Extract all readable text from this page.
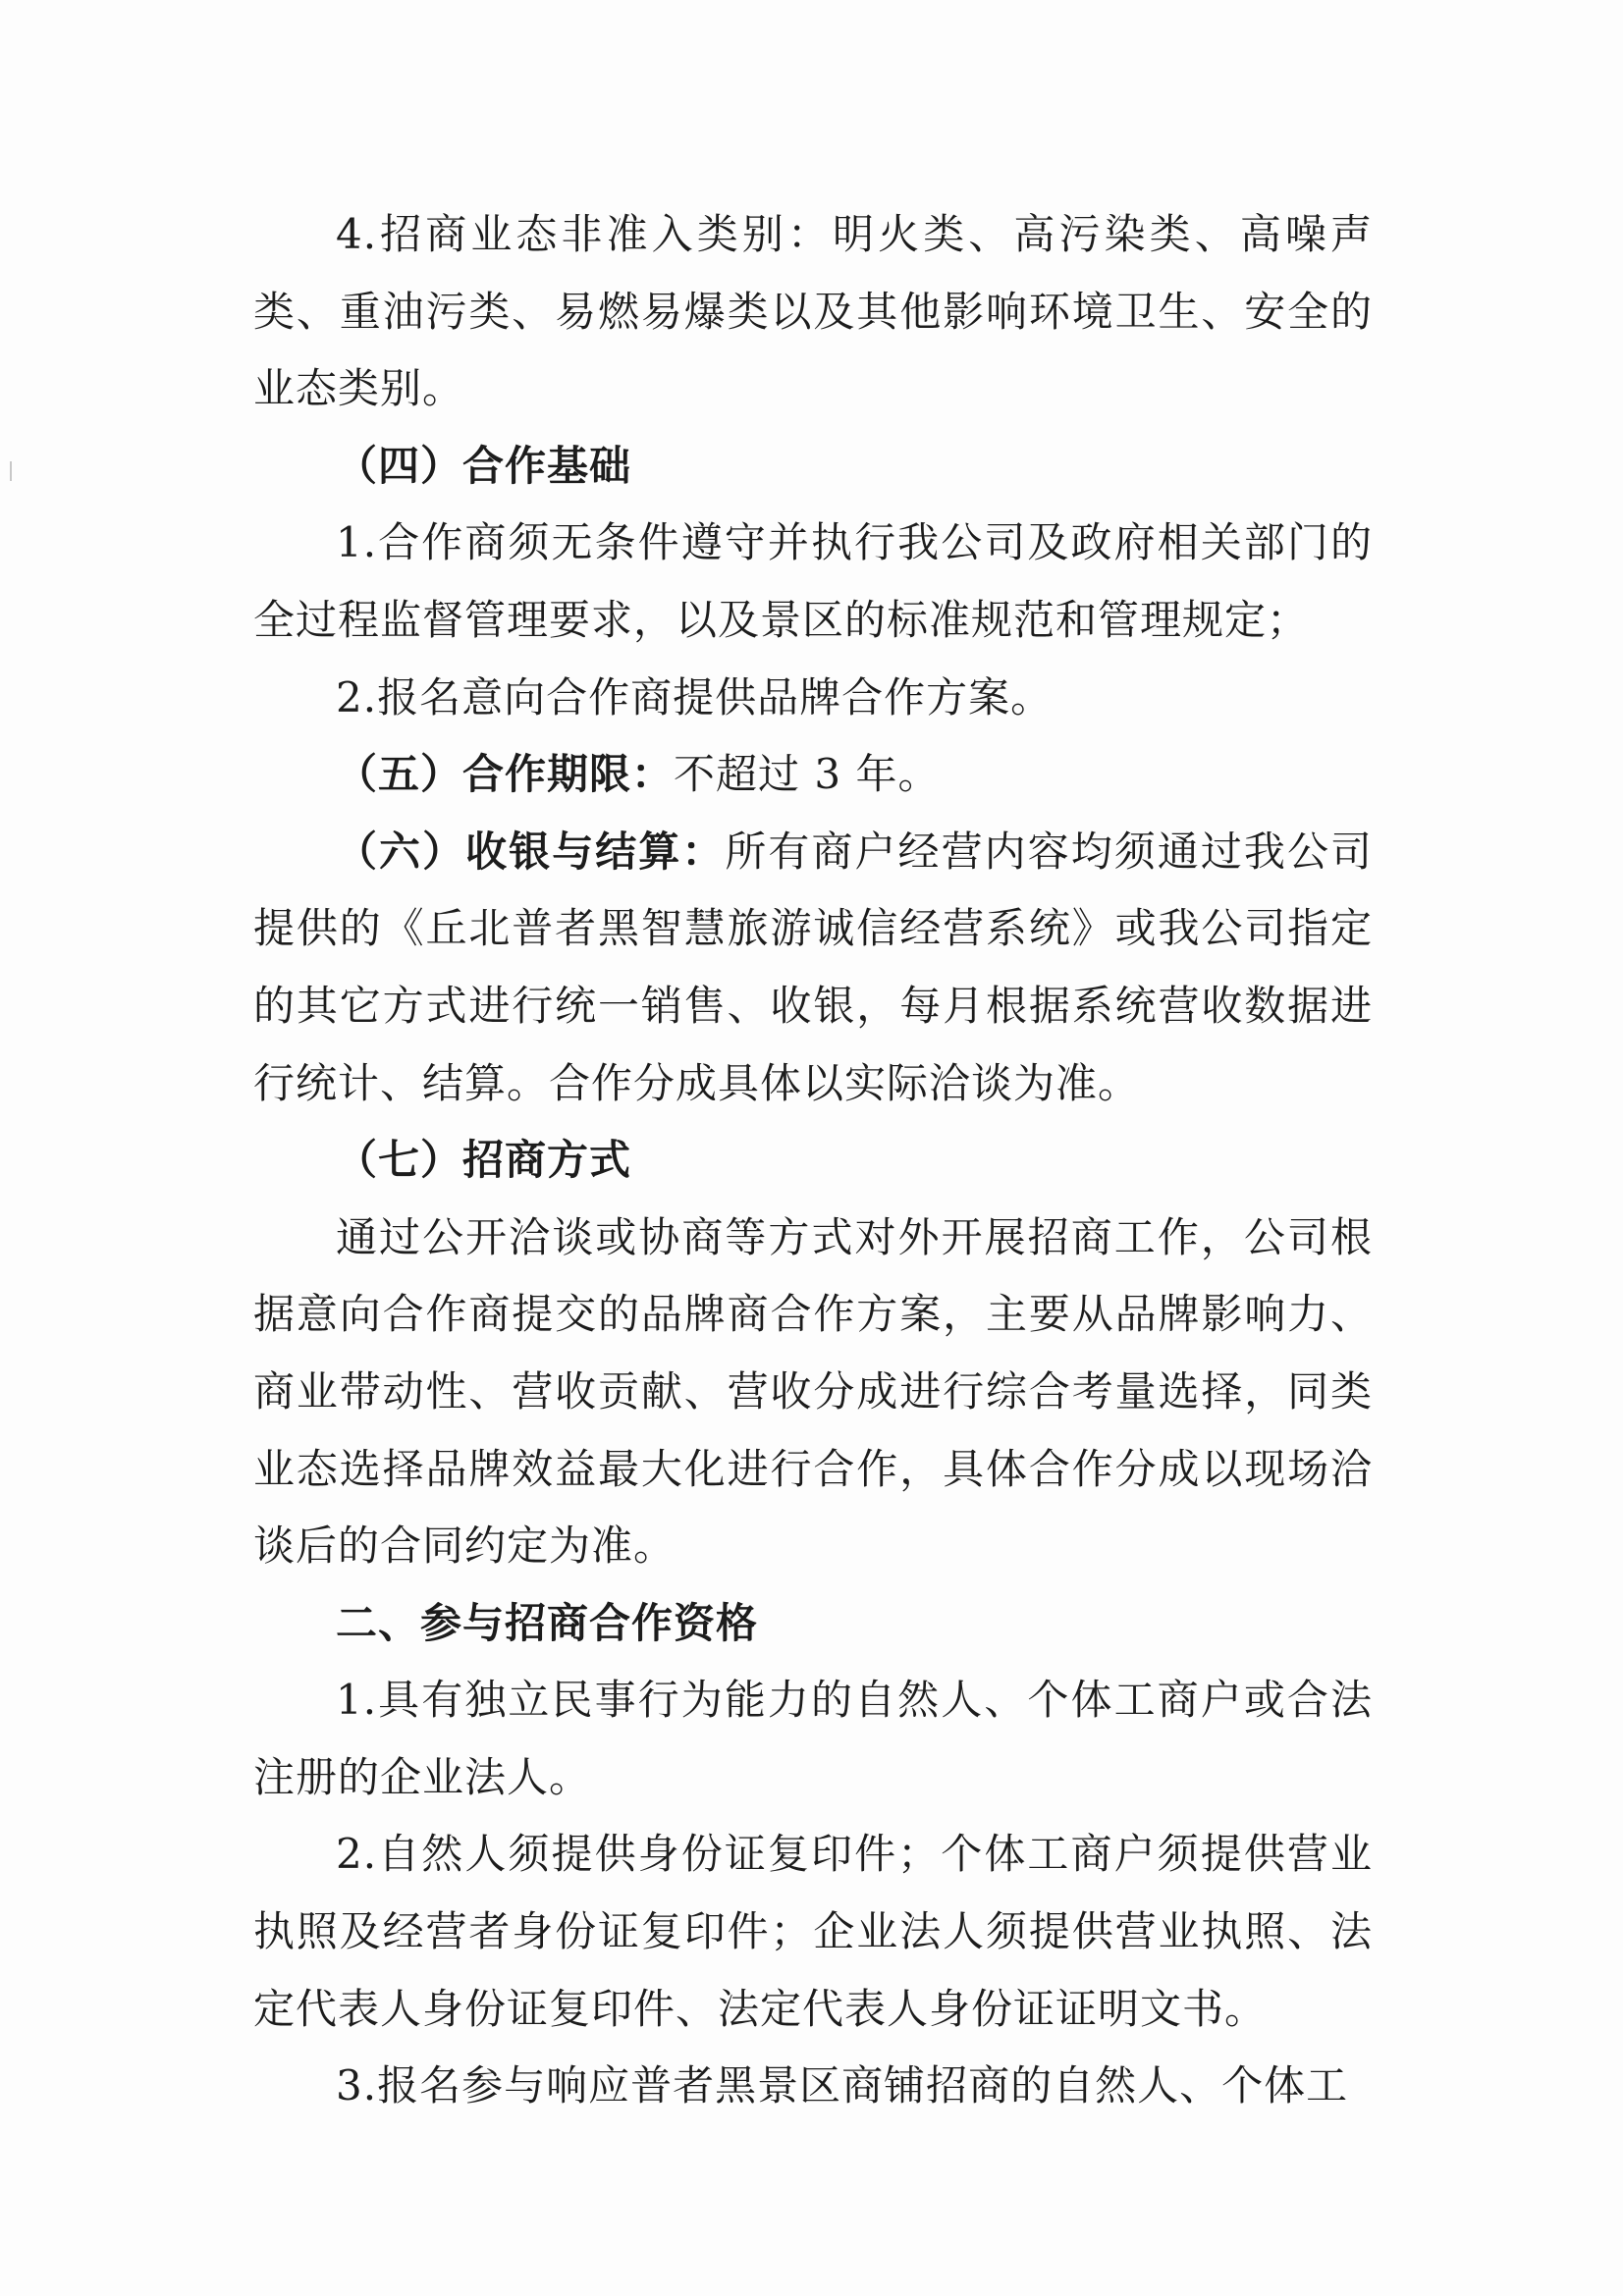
4.招商业态非准入类别：明火类、高污染类、高噪声类、重油污类、易燃易爆类以及其他影响环境卫生、安全的业态类别。

（四）合作基础

1.合作商须无条件遵守并执行我公司及政府相关部门的全过程监督管理要求，以及景区的标准规范和管理规定；

2.报名意向合作商提供品牌合作方案。

（五）合作期限：不超过 3 年。

（六）收银与结算：所有商户经营内容均须通过我公司提供的《丘北普者黑智慧旅游诚信经营系统》或我公司指定的其它方式进行统一销售、收银，每月根据系统营收数据进行统计、结算。合作分成具体以实际洽谈为准。

（七）招商方式

通过公开洽谈或协商等方式对外开展招商工作，公司根据意向合作商提交的品牌商合作方案，主要从品牌影响力、商业带动性、营收贡献、营收分成进行综合考量选择，同类业态选择品牌效益最大化进行合作，具体合作分成以现场洽谈后的合同约定为准。

二、参与招商合作资格

1.具有独立民事行为能力的自然人、个体工商户或合法注册的企业法人。

2.自然人须提供身份证复印件；个体工商户须提供营业执照及经营者身份证复印件；企业法人须提供营业执照、法定代表人身份证复印件、法定代表人身份证证明文书。

3.报名参与响应普者黑景区商铺招商的自然人、个体工
